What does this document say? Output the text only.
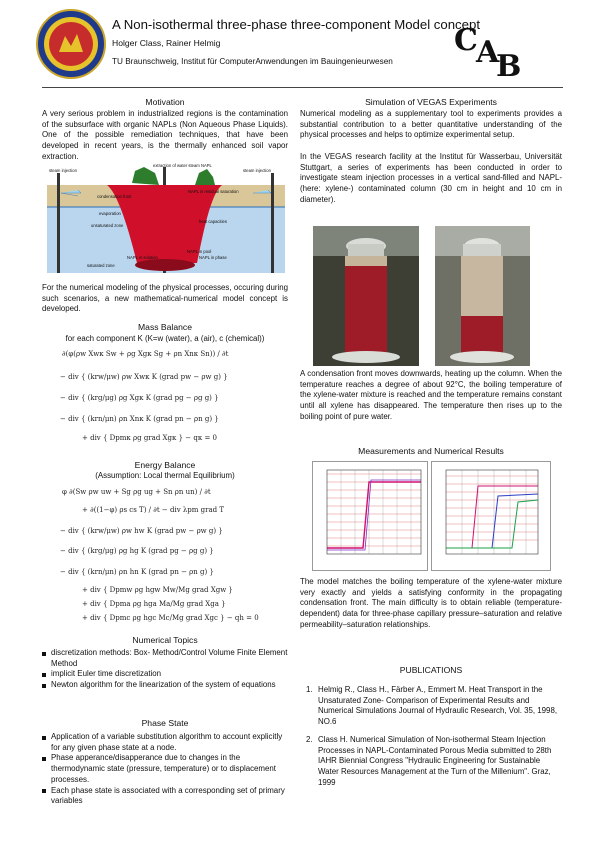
A Non-isothermal three-phase three-component Model concept
Holger Class, Rainer Helmig
TU Braunschweig, Institut für ComputerAnwendungen im Bauingenieurwesen
C
A
B
Motivation
A very serious problem in industrialized regions is the contamination of the subsurface with organic NAPLs (Non Aqueous Phase Liquids). One of the possible remediation techniques, that have been developed in recent years, is the thermally enhanced soil vapor extraction.
steam injection
extraction of water steam NAPL
steam injection
NAPL in residual saturation
condensation front
evaporation
heat capacities
unsaturated zone
saturated zone
NAPL in pool
NAPL in solution	NAPL in phase
For the numerical modeling of the physical processes, occuring during such scenarios, a new mathematical-numerical model concept is developed.
Mass Balance
for each component K (K=w (water), a (air), c (chemical))
∂(φ(ρw Xwκ Sw + ρg Xgκ Sg + ρn Xnκ Sn)) / ∂t
− div { (krw/μw) ρw Xwκ K (grad pw − ρw g) }
− div { (krg/μg) ρg Xgκ K (grad pg − ρg g) }
− div { (krn/μn) ρn Xnκ K (grad pn − ρn g) }
+ div { Dpmκ ρg grad Xgκ } − qκ = 0
Energy Balance
(Assumption: Local thermal Equilibrium)
φ ∂(Sw ρw uw + Sg ρg ug + Sn ρn un) / ∂t
+ ∂((1−φ) ρs cs T) / ∂t − div λpm grad T
− div { (krw/μw) ρw hw K (grad pw − ρw g) }
− div { (krg/μg) ρg hg K (grad pg − ρg g) }
− div { (krn/μn) ρn hn K (grad pn − ρn g) }
+ div { Dpmw ρg hgw Mw/Mg grad Xgw }
+ div { Dpma ρg hga Ma/Mg grad Xga }
+ div { Dpmc ρg hgc Mc/Mg grad Xgc } − qh = 0
Numerical Topics
discretization methods: Box- Method/Control Volume Finite Element Method
implicit Euler time discretization
Newton algorithm for the linearization of the system of equations
Phase State
Application of a variable substitution algorithm to account explicitly for any given phase state at a node.
Phase apperance/disapperance due to changes in the thermodynamic state (pressure, temperature) or to displacement processes.
Each phase state is associated with a corresponding set of primary variables
Simulation of VEGAS Experiments
Numerical modeling as a supplementary tool to experiments provides a substantial contribution to a better quantitative understanding of the physical processes and helps to optimize experimental setup.
In the VEGAS research facility at the Institut für Wasserbau, Universität Stuttgart, a series of experiments has been conducted in order to investigate steam injection processes in a vertical sand-filled and NAPL- (here: xylene-) contaminated column (30 cm in height and 10 cm in diameter).
A condensation front moves downwards, heating up the column. When the temperature reaches a degree of about 92°C, the boiling temperature of the xylene-water mixture is reached and the temperature remains constant until all xylene has disappeared. The temperature then rises up to the boiling point of pure water.
Measurements and Numerical Results
The model matches the boiling temperature of the xylene-water mixture very exactly and yields a satisfying conformity in the propagating condensation front. The main difficulty is to obtain reliable (temperature-dependent) data for three-phase capillary pressure–saturation and relative permeability–saturation relationships.
PUBLICATIONS
1. Helmig R., Class H., Färber A., Emmert M. Heat Transport in the Unsaturated Zone- Comparison of Experimental Results and Numerical Simulations Journal of Hydraulic Research, Vol. 35, 1998, NO.6
2. Class H. Numerical Simulation of Non-isothermal Steam Injection Processes in NAPL-Contaminated Porous Media submitted to 28th IAHR Biennial Congress "Hydraulic Engineering for Sustainable Water Resources Management at the Turn of the Millenium". Graz, 1999
